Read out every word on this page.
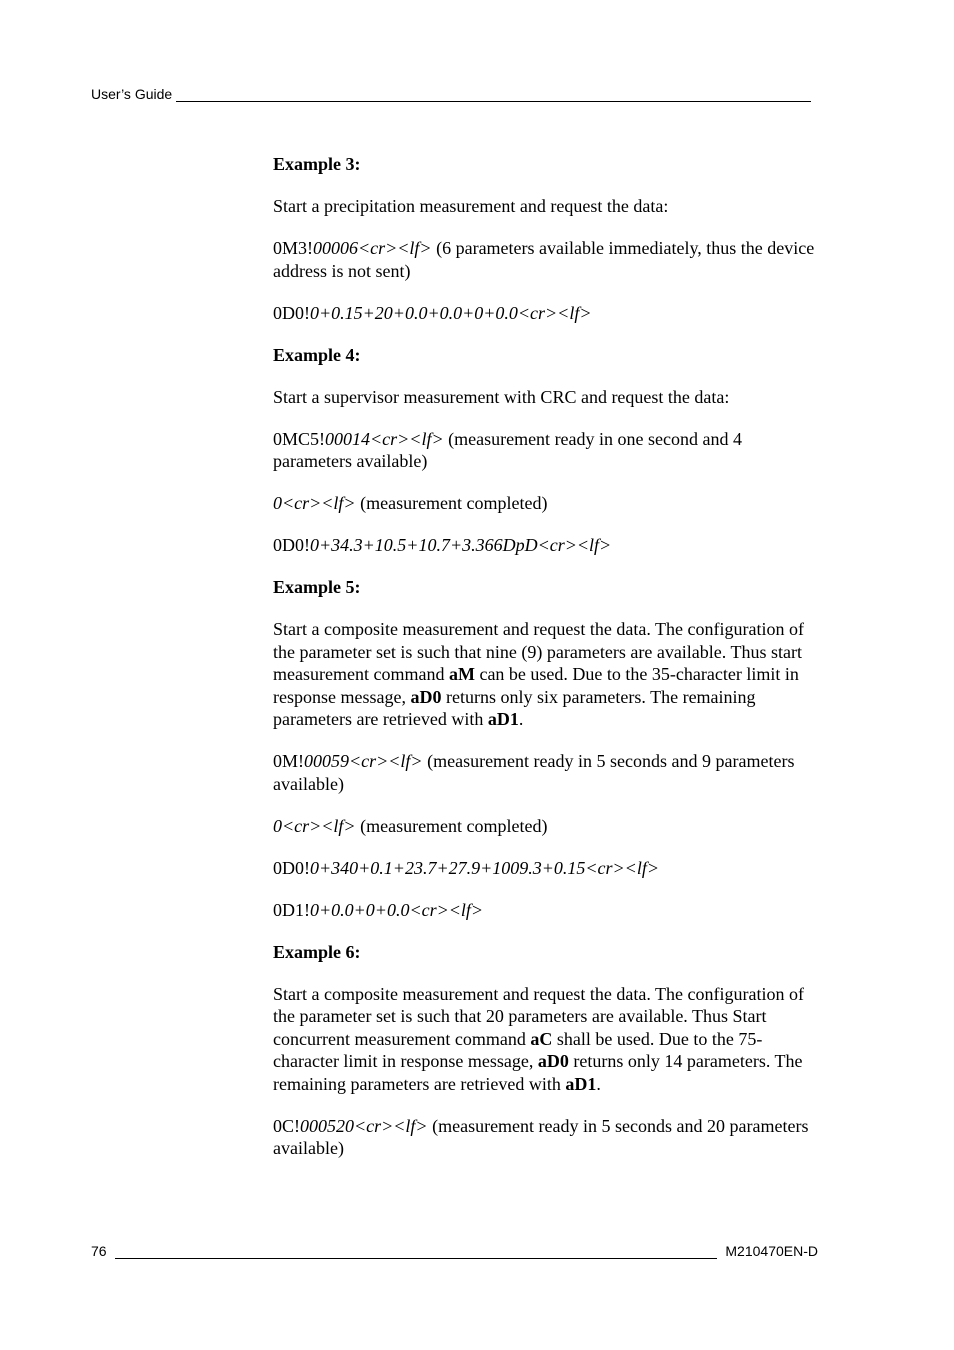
User’s Guide

Example 3:

Start a precipitation measurement and request the data:

0M3!00006<cr><lf> (6 parameters available immediately, thus the device address is not sent)

0D0!0+0.15+20+0.0+0.0+0+0.0<cr><lf>

Example 4:

Start a supervisor measurement with CRC and request the data:

0MC5!00014<cr><lf> (measurement ready in one second and 4 parameters available)

0<cr><lf> (measurement completed)

0D0!0+34.3+10.5+10.7+3.366DpD<cr><lf>

Example 5:

Start a composite measurement and request the data. The configuration of the parameter set is such that nine (9) parameters are available. Thus start measurement command aM can be used. Due to the 35-character limit in response message, aD0 returns only six parameters. The remaining parameters are retrieved with aD1.

0M!00059<cr><lf> (measurement ready in 5 seconds and 9 parameters available)

0<cr><lf> (measurement completed)

0D0!0+340+0.1+23.7+27.9+1009.3+0.15<cr><lf>

0D1!0+0.0+0+0.0<cr><lf>

Example 6:

Start a composite measurement and request the data. The configuration of the parameter set is such that 20 parameters are available. Thus Start concurrent measurement command aC shall be used. Due to the 75-character limit in response message, aD0 returns only 14 parameters. The remaining parameters are retrieved with aD1.

0C!000520<cr><lf> (measurement ready in 5 seconds and 20 parameters available)

76	M210470EN-D
